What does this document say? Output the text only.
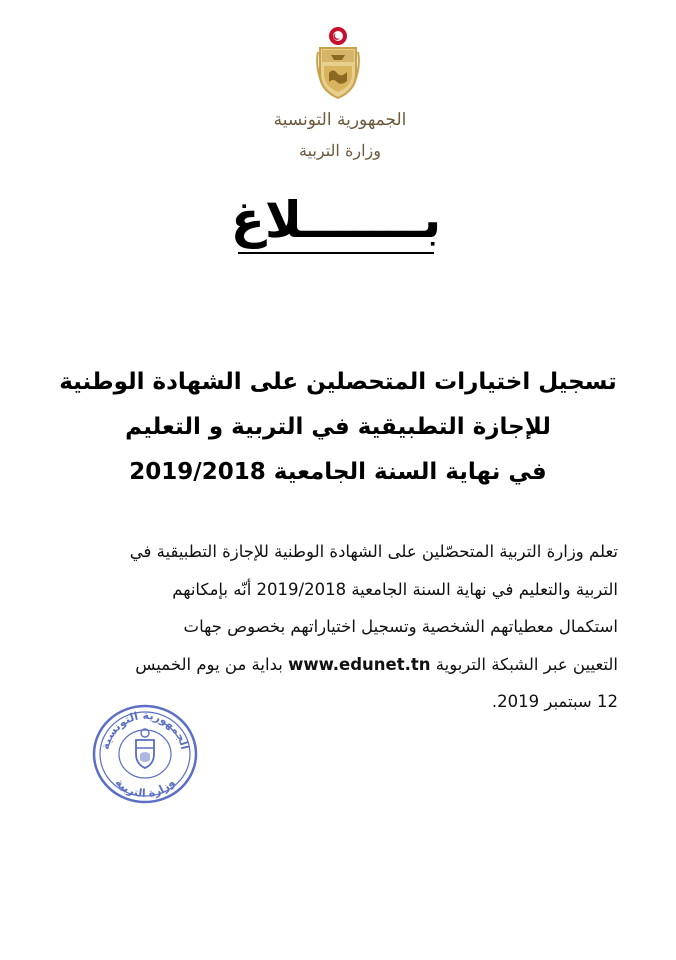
الجمهورية التونسية
وزارة التربية
بـــــــلاغ
تسجيل اختيارات المتحصلين على الشهادة الوطنية
للإجازة التطبيقية في التربية و التعليم
في نهاية السنة الجامعية 2019/2018
تعلم وزارة التربية المتحصّلين على الشهادة الوطنية للإجازة التطبيقية في
التربية والتعليم في نهاية السنة الجامعية 2019/2018 أنّه بإمكانهم
استكمال معطياتهم الشخصية وتسجيل اختياراتهم بخصوص جهات
التعيين عبر الشبكة التربوية www.edunet.tn بداية من يوم الخميس
12 سبتمبر 2019.
الجمهورية التونسية
وزارة التربية
